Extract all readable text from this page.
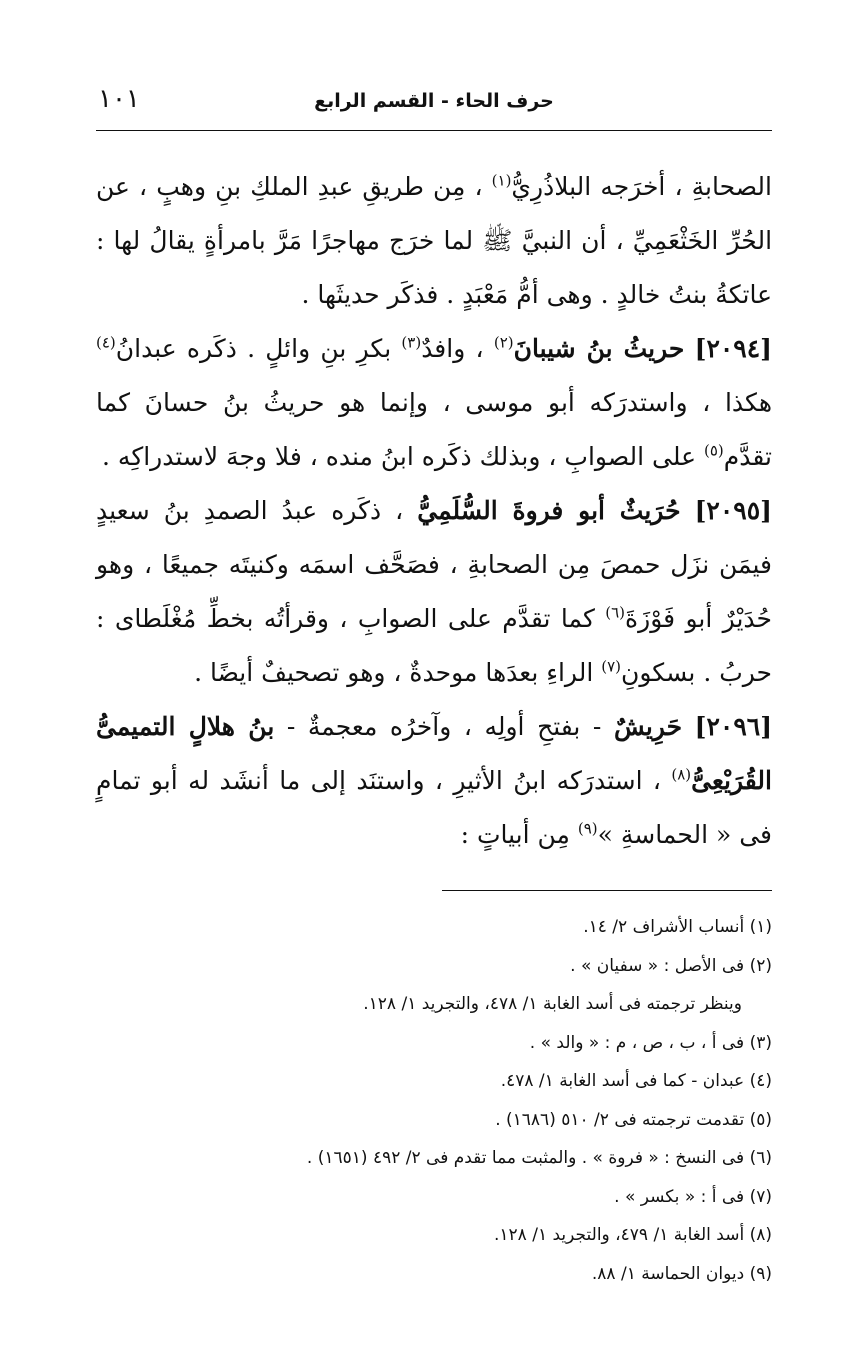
حرف الحاء - القسم الرابع
١٠١

الصحابةِ ، أخرَجه البلاذُرِيُّ$^{(١)}$ ، مِن طريقِ عبدِ الملكِ بنِ وهبٍ ، عن الحُرِّ الخَثْعَمِيِّ ، أن النبيَّ ﷺ لما خرَج مهاجرًا مَرَّ بامرأةٍ يقالُ لها : عاتكةُ بنتُ خالدٍ . وهى أمُّ مَعْبَدٍ . فذكَر حديثَها .

[٢٠٩٤] حريثُ بنُ شيبانَ$^{(٢)}$ ، وافدٌ$^{(٣)}$ بكرِ بنِ وائلٍ . ذكَره عبدانُ$^{(٤)}$ هكذا ، واستدرَكه أبو موسى ، وإنما هو حريثُ بنُ حسانَ كما تقدَّم$^{(٥)}$ على الصوابِ ، وبذلك ذكَره ابنُ منده ، فلا وجهَ لاستدراكِه .

[٢٠٩٥] حُرَيثٌ أبو فروةَ السُّلَمِيُّ ، ذكَره عبدُ الصمدِ بنُ سعيدٍ فيمَن نزَل حمصَ مِن الصحابةِ ، فصَحَّف اسمَه وكنيتَه جميعًا ، وهو حُدَيْرٌ أبو فَوْزَةَ$^{(٦)}$ كما تقدَّم على الصوابِ ، وقرأتُه بخطِّ مُغْلَطاى : حربُ . بسكونِ$^{(٧)}$ الراءِ بعدَها موحدةٌ ، وهو تصحيفٌ أيضًا .

[٢٠٩٦] حَرِيشٌ - بفتحِ أولِه ، وآخرُه معجمةٌ - بنُ هلالٍ التميمىُّ القُرَيْعِىُّ$^{(٨)}$ ، استدرَكه ابنُ الأثيرِ ، واستنَد إلى ما أنشَد له أبو تمامٍ فى « الحماسةِ »$^{(٩)}$ مِن أبياتٍ :

(١) أنساب الأشراف ٢/ ١٤.
(٢) فى الأصل : « سفيان » .
وينظر ترجمته فى أسد الغابة ١/ ٤٧٨، والتجريد ١/ ١٢٨.
(٣) فى أ ، ب ، ص ، م : « والد » .
(٤) عبدان - كما فى أسد الغابة ١/ ٤٧٨.
(٥) تقدمت ترجمته فى ٢/ ٥١٠ (١٦٨٦) .
(٦) فى النسخ : « فروة » . والمثبت مما تقدم فى ٢/ ٤٩٢ (١٦٥١) .
(٧) فى أ : « بكسر » .
(٨) أسد الغابة ١/ ٤٧٩، والتجريد ١/ ١٢٨.
(٩) ديوان الحماسة ١/ ٨٨.
